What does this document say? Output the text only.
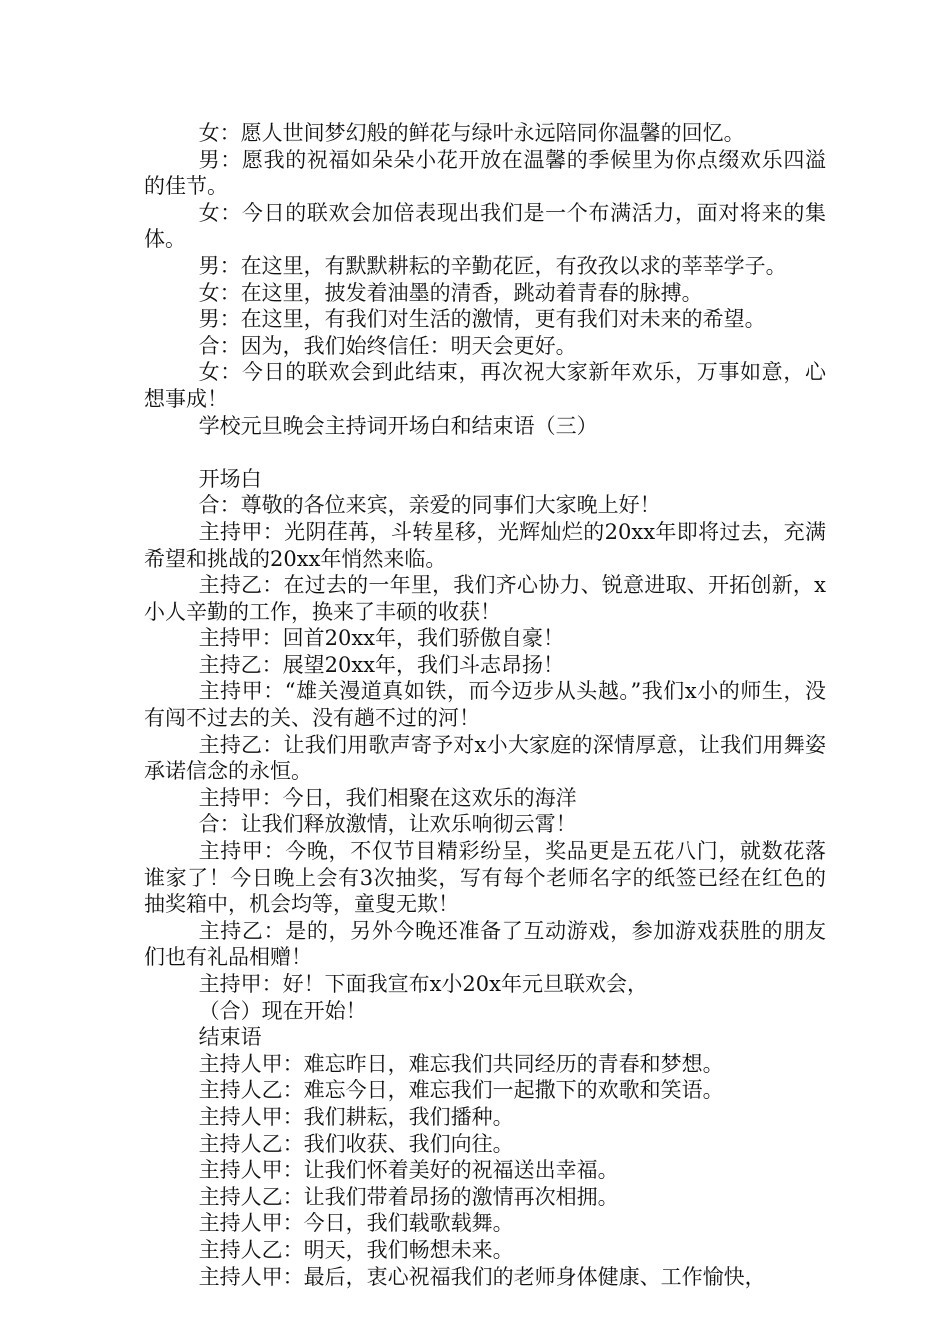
女：愿人世间梦幻般的鲜花与绿叶永远陪同你温馨的回忆。

男：愿我的祝福如朵朵小花开放在温馨的季候里为你点缀欢乐四溢的佳节。

女：今日的联欢会加倍表现出我们是一个布满活力，面对将来的集体。

男：在这里，有默默耕耘的辛勤花匠，有孜孜以求的莘莘学子。

女：在这里，披发着油墨的清香，跳动着青春的脉搏。

男：在这里，有我们对生活的激情，更有我们对未来的希望。

合：因为，我们始终信任：明天会更好。

女：今日的联欢会到此结束，再次祝大家新年欢乐，万事如意，心想事成！

学校元旦晚会主持词开场白和结束语（三）

开场白

合：尊敬的各位来宾，亲爱的同事们大家晚上好！

主持甲：光阴荏苒，斗转星移，光辉灿烂的20xx年即将过去，充满希望和挑战的20xx年悄然来临。

主持乙：在过去的一年里，我们齐心协力、锐意进取、开拓创新，x小人辛勤的工作，换来了丰硕的收获！

主持甲：回首20xx年，我们骄傲自豪！

主持乙：展望20xx年，我们斗志昂扬！

主持甲：“雄关漫道真如铁，而今迈步从头越。”我们x小的师生，没有闯不过去的关、没有趟不过的河！

主持乙：让我们用歌声寄予对x小大家庭的深情厚意，让我们用舞姿承诺信念的永恒。

主持甲：今日，我们相聚在这欢乐的海洋

合：让我们释放激情，让欢乐响彻云霄！

主持甲：今晚，不仅节目精彩纷呈，奖品更是五花八门，就数花落谁家了！今日晚上会有3次抽奖，写有每个老师名字的纸签已经在红色的抽奖箱中，机会均等，童叟无欺！

主持乙：是的，另外今晚还准备了互动游戏，参加游戏获胜的朋友们也有礼品相赠！

主持甲：好！下面我宣布x小20x年元旦联欢会，

（合）现在开始！

结束语

主持人甲：难忘昨日，难忘我们共同经历的青春和梦想。

主持人乙：难忘今日，难忘我们一起撒下的欢歌和笑语。

主持人甲：我们耕耘，我们播种。

主持人乙：我们收获、我们向往。

主持人甲：让我们怀着美好的祝福送出幸福。

主持人乙：让我们带着昂扬的激情再次相拥。

主持人甲：今日，我们载歌载舞。

主持人乙：明天，我们畅想未来。

主持人甲：最后，衷心祝福我们的老师身体健康、工作愉快，
